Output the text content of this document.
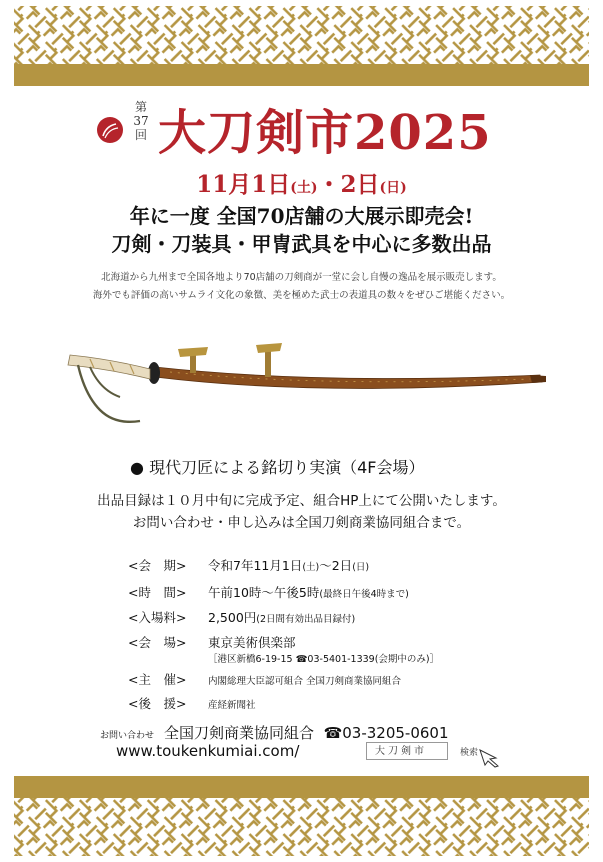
第
37
回 大刀剣市2025
11月1日(土)・2日(日)
年に一度 全国70店舗の大展示即売会!
刀剣・刀装具・甲冑武具を中心に多数出品
北海道から九州まで全国各地より70店舗の刀剣商が一堂に会し自慢の逸品を展示販売します。
海外でも評価の高いサムライ文化の象徴、美を極めた武士の表道具の数々をぜひご堪能ください。
● 現代刀匠による銘切り実演（4F会場）
出品目録は１０月中旬に完成予定、組合HP上にて公開いたします。
お問い合わせ・申し込みは全国刀剣商業協同組合まで。
<会　期> 令和7年11月1日(土)〜2日(日)
<時　間> 午前10時〜午後5時(最終日午後4時まで)
<入場料> 2,500円(2日間有効出品目録付)
<会　場> 東京美術倶楽部
［港区新橋6-19-15 ☎03-5401-1339(会期中のみ)］
<主　催> 内閣総理大臣認可組合 全国刀剣商業協同組合
<後　援> 産経新聞社
お問い合わせ 全国刀剣商業協同組合 ☎03-3205-0601
www.toukenkumiai.com/	大刀剣市	検索
